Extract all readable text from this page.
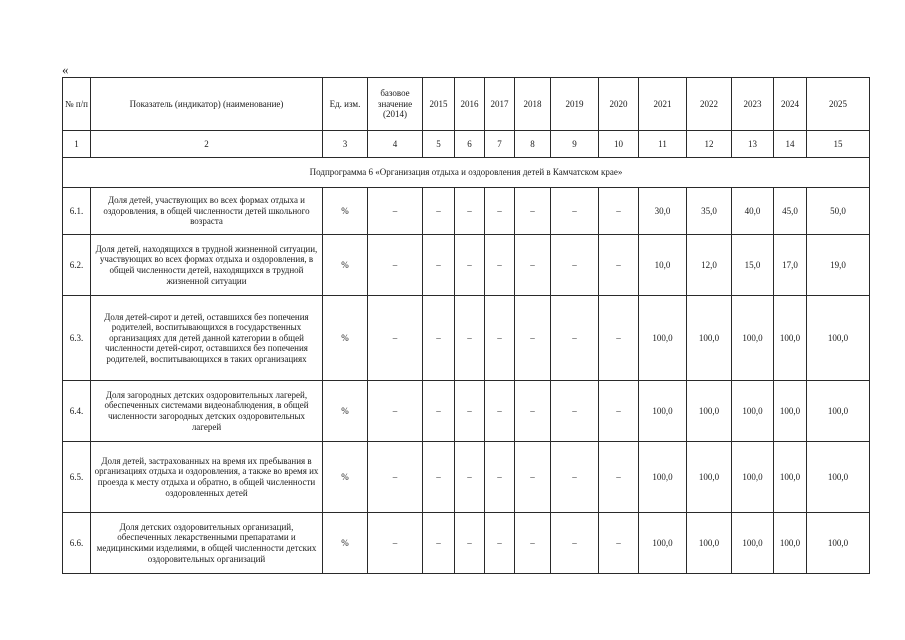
«
№ п/п	Показатель (индикатор) (наименование)	Ед. изм.	базовое значение (2014)	2015	2016	2017	2018	2019	2020	2021	2022	2023	2024	2025
1	2	3	4	5	6	7	8	9	10	11	12	13	14	15
Подпрограмма 6 «Организация отдыха и оздоровления детей в Камчатском крае»														
6.1.	Доля детей, участвующих во всех формах отдыха и оздоровления, в общей численности детей школьного возраста	%	–	–	–	–	–	–	–	30,0	35,0	40,0	45,0	50,0
6.2.	Доля детей, находящихся в трудной жизненной ситуации, участвующих во всех формах отдыха и оздоровления, в общей численности детей, находящихся в трудной жизненной ситуации	%	–	–	–	–	–	–	–	10,0	12,0	15,0	17,0	19,0
6.3.	Доля детей-сирот и детей, оставшихся без попечения родителей, воспитывающихся в государственных организациях для детей данной категории в общей численности детей-сирот, оставшихся без попечения родителей, воспитывающихся в таких организациях	%	–	–	–	–	–	–	–	100,0	100,0	100,0	100,0	100,0
6.4.	Доля загородных детских оздоровительных лагерей, обеспеченных системами видеонаблюдения, в общей численности загородных детских оздоровительных лагерей	%	–	–	–	–	–	–	–	100,0	100,0	100,0	100,0	100,0
6.5.	Доля детей, застрахованных на время их пребывания в организациях отдыха и оздоровления, а также во время их проезда к месту отдыха и обратно, в общей численности оздоровленных детей	%	–	–	–	–	–	–	–	100,0	100,0	100,0	100,0	100,0
6.6.	Доля детских оздоровительных организаций, обеспеченных лекарственными препаратами и медицинскими изделиями, в общей численности детских оздоровительных организаций	%	–	–	–	–	–	–	–	100,0	100,0	100,0	100,0	100,0
